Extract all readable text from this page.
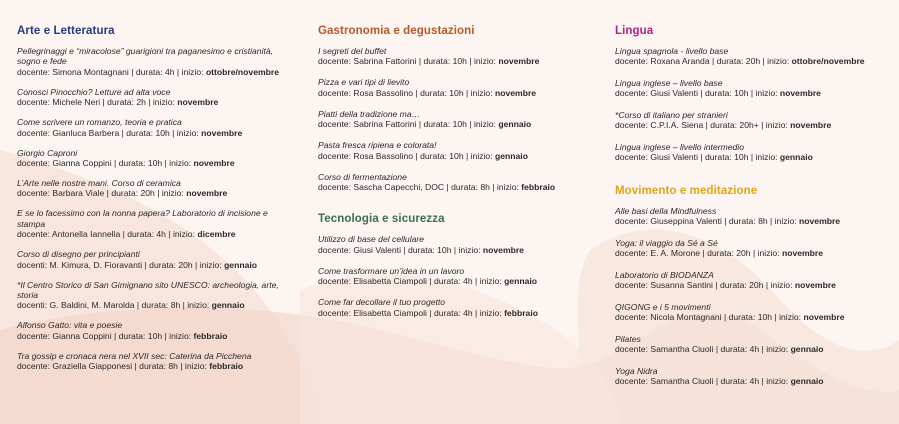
Arte e Letteratura
Pellegrinaggi e “miracolose” guarigioni tra paganesimo e cristianità, sogno e fede
docente: Simona Montagnani | durata: 4h | inizio: ottobre/novembre
Conosci Pinocchio? Letture ad alta voce
docente: Michele Neri | durata: 2h | inizio: novembre
Come scrivere un romanzo, teoria e pratica
docente: Gianluca Barbera | durata: 10h | inizio: novembre
Giorgio Caproni
docente: Gianna Coppini | durata: 10h | inizio: novembre
L’Arte nelle nostre mani. Corso di ceramica
docente: Barbara Viale | durata: 20h | inizio: novembre
E se lo facessimo con la nonna papera? Laboratorio di incisione e stampa
docente: Antonella Iannella | durata: 4h | inizio: dicembre
Corso di disegno per principianti
docenti: M. Kimura, D. Fioravanti | durata: 20h | inizio: gennaio
*Il Centro Storico di San Gimignano sito UNESCO: archeologia, arte, storia
docenti: G. Baldini, M. Marolda | durata: 8h | inizio: gennaio
Alfonso Gatto: vita e poesie
docente: Gianna Coppini | durata: 10h | inizio: febbraio
Tra gossip e cronaca nera nel XVII sec: Caterina da Picchena
docente: Graziella Giapponesi | durata: 8h | inizio: febbraio
Gastronomia e degustazioni
I segreti del buffet
docente: Sabrina Fattorini | durata: 10h | inizio: novembre
Pizza e vari tipi di lievito
docente: Rosa Bassolino | durata: 10h | inizio: novembre
Piatti della tradizione ma…
docente: Sabrina Fattorini | durata: 10h | inizio: gennaio
Pasta fresca ripiena e colorata!
docente: Rosa Bassolino | durata: 10h | inizio: gennaio
Corso di fermentazione
docente: Sascha Capecchi, DOC | durata: 8h | inizio: febbraio
Tecnologia e sicurezza
Utilizzo di base del cellulare
docente: Giusi Valenti | durata: 10h | inizio: novembre
Come trasformare un’idea in un lavoro
docente: Elisabetta Ciampoli | durata: 4h | inizio: gennaio
Come far decollare il tuo progetto
docente: Elisabetta Ciampoli | durata: 4h | inizio: febbraio
Lingua
Lingua spagnola - livello base
docente: Roxana Aranda | durata: 20h | inizio: ottobre/novembre
Lingua inglese – livello base
docente: Giusi Valenti | durata: 10h | inizio: novembre
*Corso di italiano per stranieri
docente: C.P.I.A. Siena | durata: 20h+ | inizio: novembre
Lingua inglese – livello intermedio
docente: Giusi Valenti | durata: 10h | inizio: gennaio
Movimento e meditazione
Alle basi della Mindfulness
docente: Giuseppina Valenti | durata: 8h | inizio: novembre
Yoga: il viaggio da Sé a Sé
docente: E. A. Morone | durata: 20h | inizio: novembre
Laboratorio di BIODANZA
docente: Susanna Santini | durata: 20h | inizio: novembre
QIGONG e i 5 movimenti
docente: Nicola Montagnani | durata: 10h | inizio: novembre
Pilates
docente: Samantha Ciuoli | durata: 4h | inizio: gennaio
Yoga Nidra
docente: Samantha Ciuoli | durata: 4h | inizio: gennaio
